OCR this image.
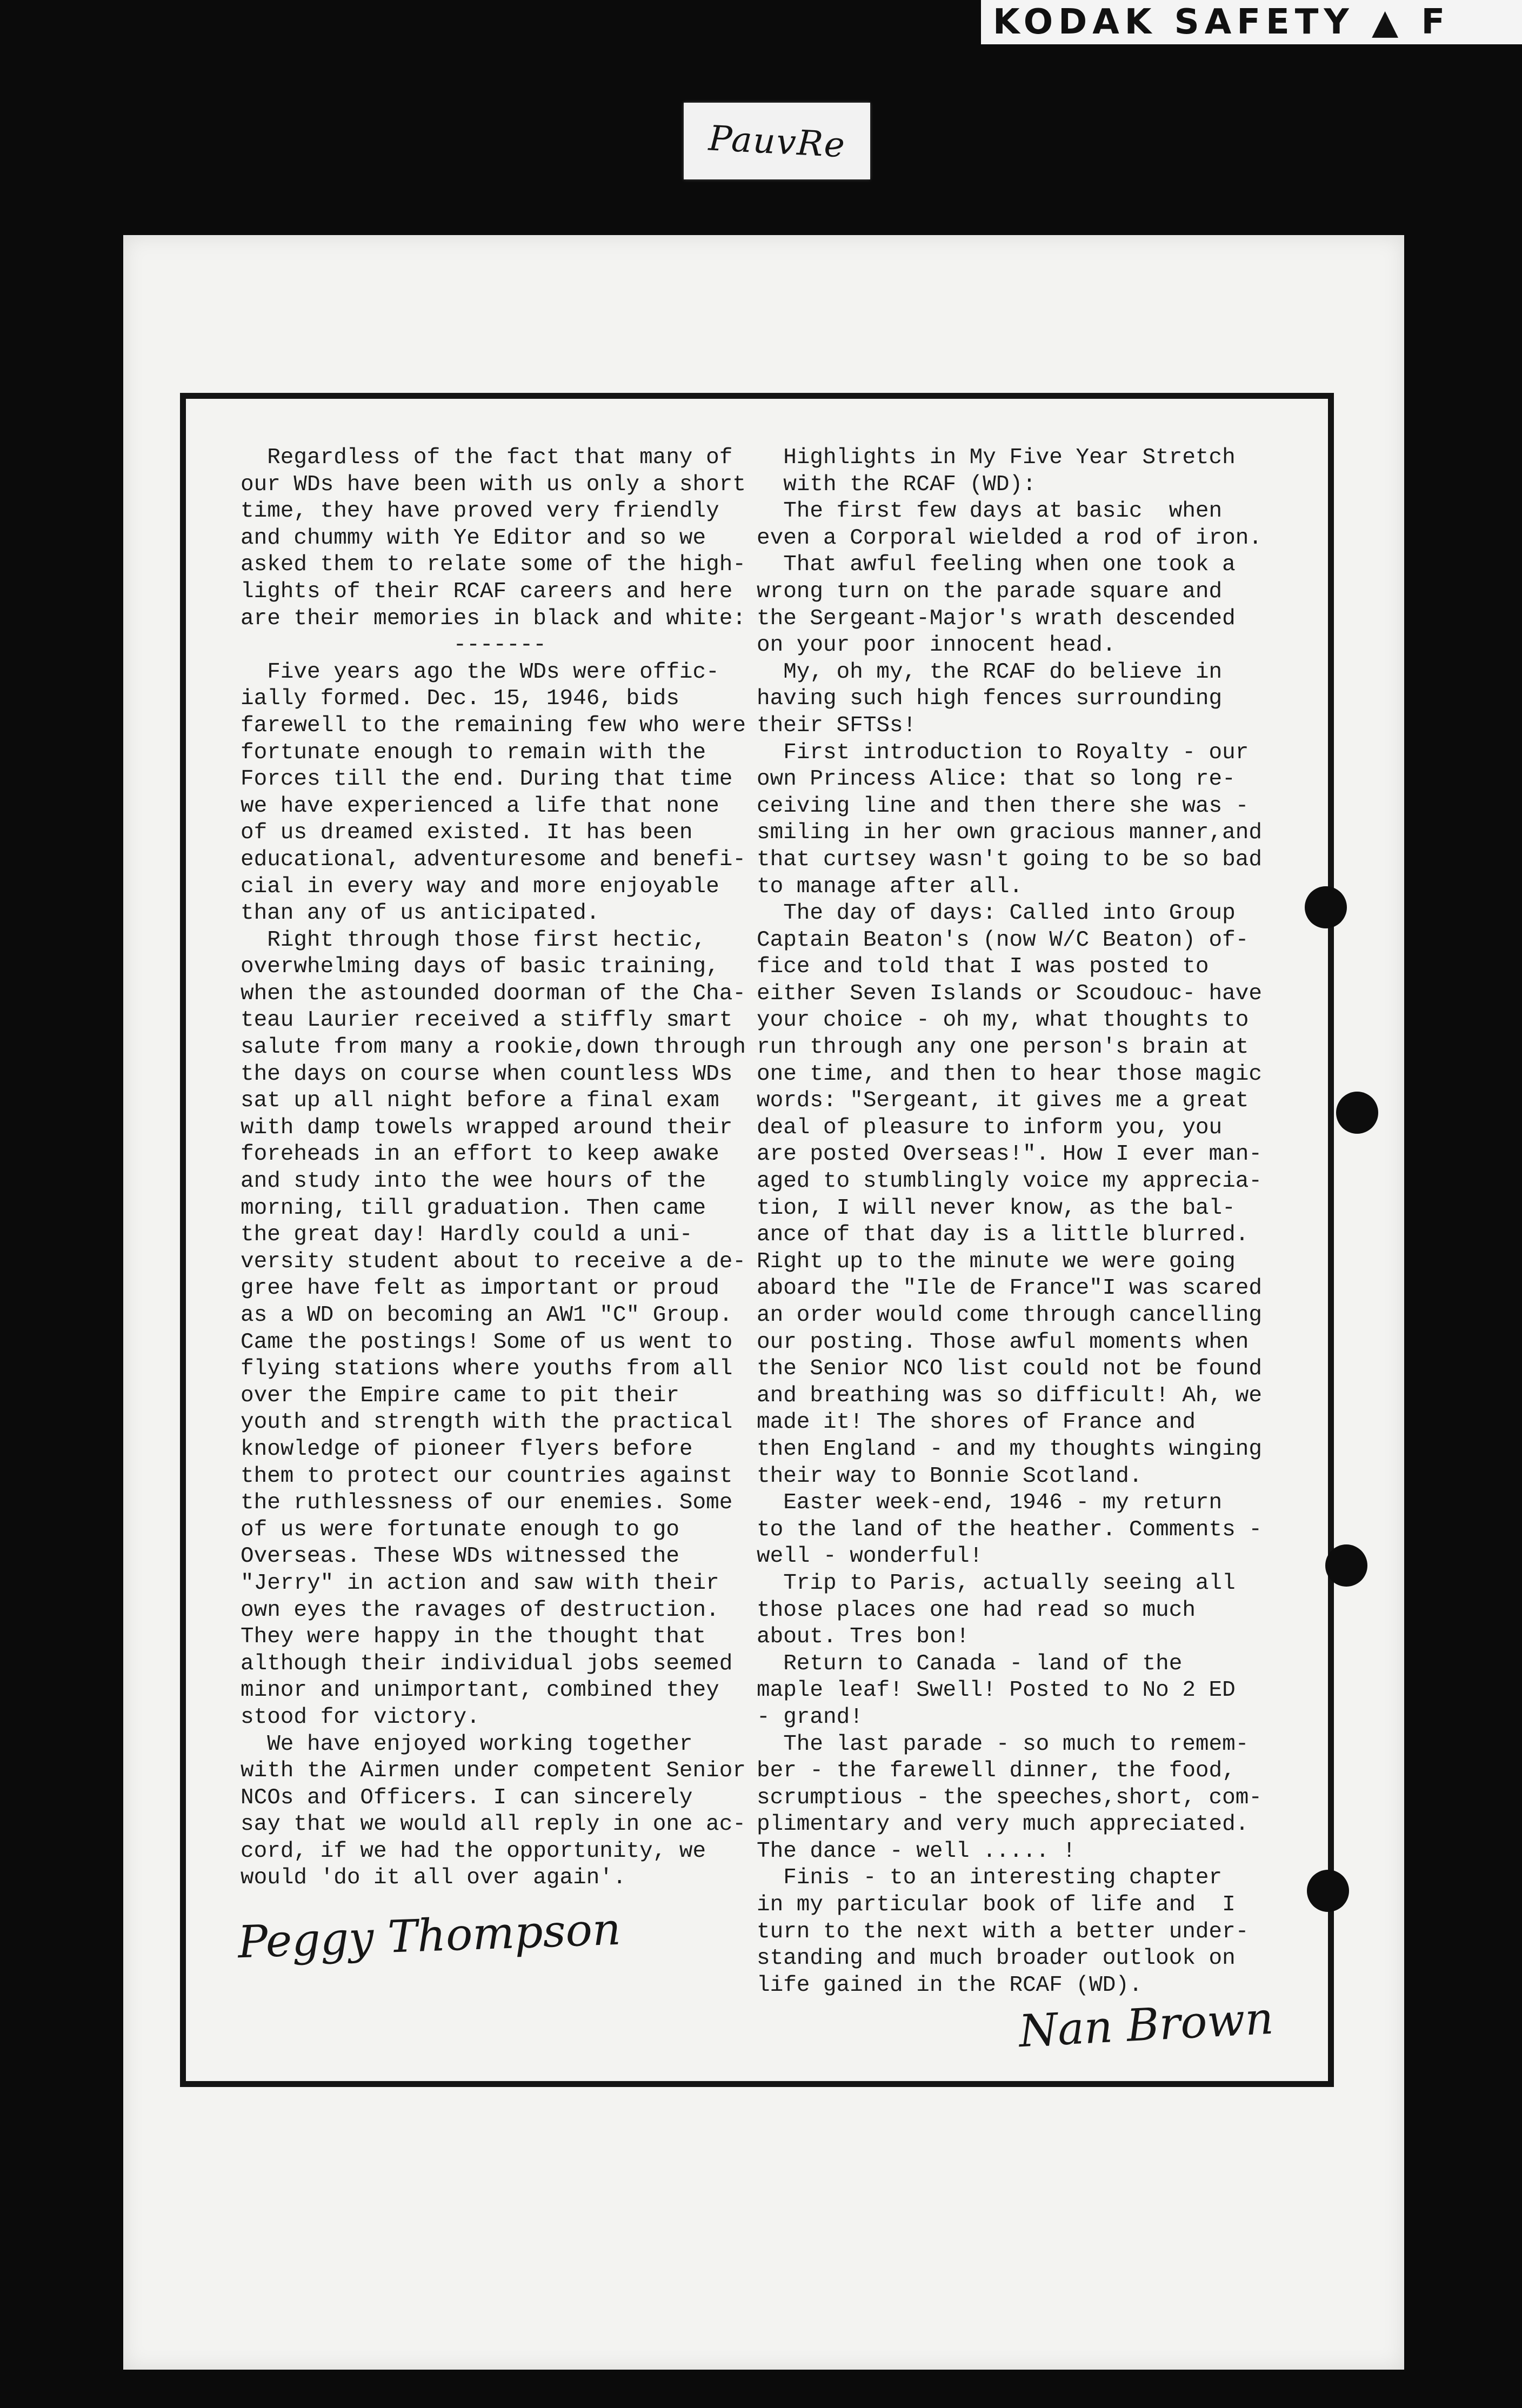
KODAK SAFETY ▲ F
PauvRe
Regardless of the fact that many of
our WDs have been with us only a short
time, they have proved very friendly
and chummy with Ye Editor and so we
asked them to relate some of the high-
lights of their RCAF careers and here
are their memories in black and white:
-------
Five years ago the WDs were offic-
ially formed. Dec. 15, 1946, bids
farewell to the remaining few who were
fortunate enough to remain with the
Forces till the end. During that time
we have experienced a life that none
of us dreamed existed. It has been
educational, adventuresome and benefi-
cial in every way and more enjoyable
than any of us anticipated.
Right through those first hectic,
overwhelming days of basic training,
when the astounded doorman of the Cha-
teau Laurier received a stiffly smart
salute from many a rookie,down through
the days on course when countless WDs
sat up all night before a final exam
with damp towels wrapped around their
foreheads in an effort to keep awake
and study into the wee hours of the
morning, till graduation. Then came
the great day! Hardly could a uni-
versity student about to receive a de-
gree have felt as important or proud
as a WD on becoming an AW1 "C" Group.
Came the postings! Some of us went to
flying stations where youths from all
over the Empire came to pit their
youth and strength with the practical
knowledge of pioneer flyers before
them to protect our countries against
the ruthlessness of our enemies. Some
of us were fortunate enough to go
Overseas. These WDs witnessed the
"Jerry" in action and saw with their
own eyes the ravages of destruction.
They were happy in the thought that
although their individual jobs seemed
minor and unimportant, combined they
stood for victory.
We have enjoyed working together
with the Airmen under competent Senior
NCOs and Officers. I can sincerely
say that we would all reply in one ac-
cord, if we had the opportunity, we
would 'do it all over again'.
Peggy Thompson
Highlights in My Five Year Stretch
with the RCAF (WD):
The first few days at basic  when
even a Corporal wielded a rod of iron.
That awful feeling when one took a
wrong turn on the parade square and
the Sergeant-Major's wrath descended
on your poor innocent head.
My, oh my, the RCAF do believe in
having such high fences surrounding
their SFTSs!
First introduction to Royalty - our
own Princess Alice: that so long re-
ceiving line and then there she was -
smiling in her own gracious manner,and
that curtsey wasn't going to be so bad
to manage after all.
The day of days: Called into Group
Captain Beaton's (now W/C Beaton) of-
fice and told that I was posted to
either Seven Islands or Scoudouc- have
your choice - oh my, what thoughts to
run through any one person's brain at
one time, and then to hear those magic
words: "Sergeant, it gives me a great
deal of pleasure to inform you, you
are posted Overseas!". How I ever man-
aged to stumblingly voice my apprecia-
tion, I will never know, as the bal-
ance of that day is a little blurred.
Right up to the minute we were going
aboard the "Ile de France"I was scared
an order would come through cancelling
our posting. Those awful moments when
the Senior NCO list could not be found
and breathing was so difficult! Ah, we
made it! The shores of France and
then England - and my thoughts winging
their way to Bonnie Scotland.
Easter week-end, 1946 - my return
to the land of the heather. Comments -
well - wonderful!
Trip to Paris, actually seeing all
those places one had read so much
about. Tres bon!
Return to Canada - land of the
maple leaf! Swell! Posted to No 2 ED
- grand!
The last parade - so much to remem-
ber - the farewell dinner, the food,
scrumptious - the speeches,short, com-
plimentary and very much appreciated.
The dance - well ..... !
Finis - to an interesting chapter
in my particular book of life and  I
turn to the next with a better under-
standing and much broader outlook on
life gained in the RCAF (WD).
Nan Brown
